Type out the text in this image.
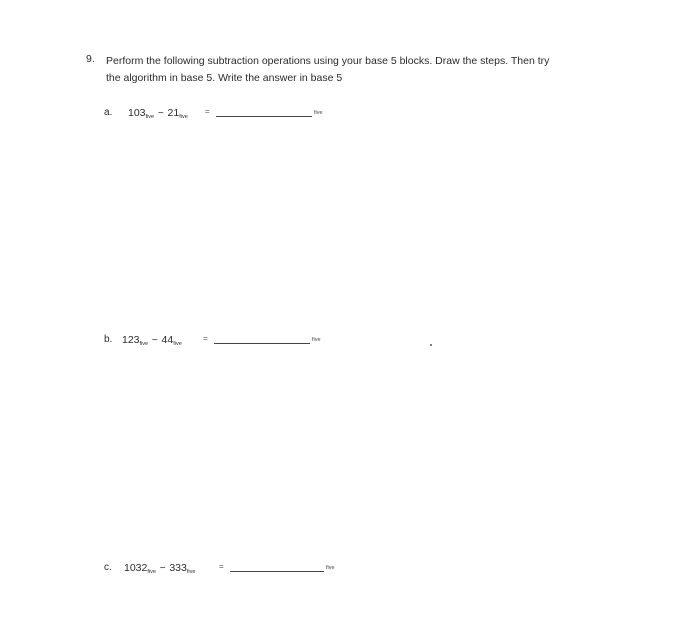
9. Perform the following subtraction operations using your base 5 blocks. Draw the steps. Then try
the algorithm in base 5. Write the answer in base 5
a. $103_{five} - 21_{five}$
=	five
b. $123_{five} - 44_{five}$
=	five
c. $1032_{five} - 333_{five}$
=	five
